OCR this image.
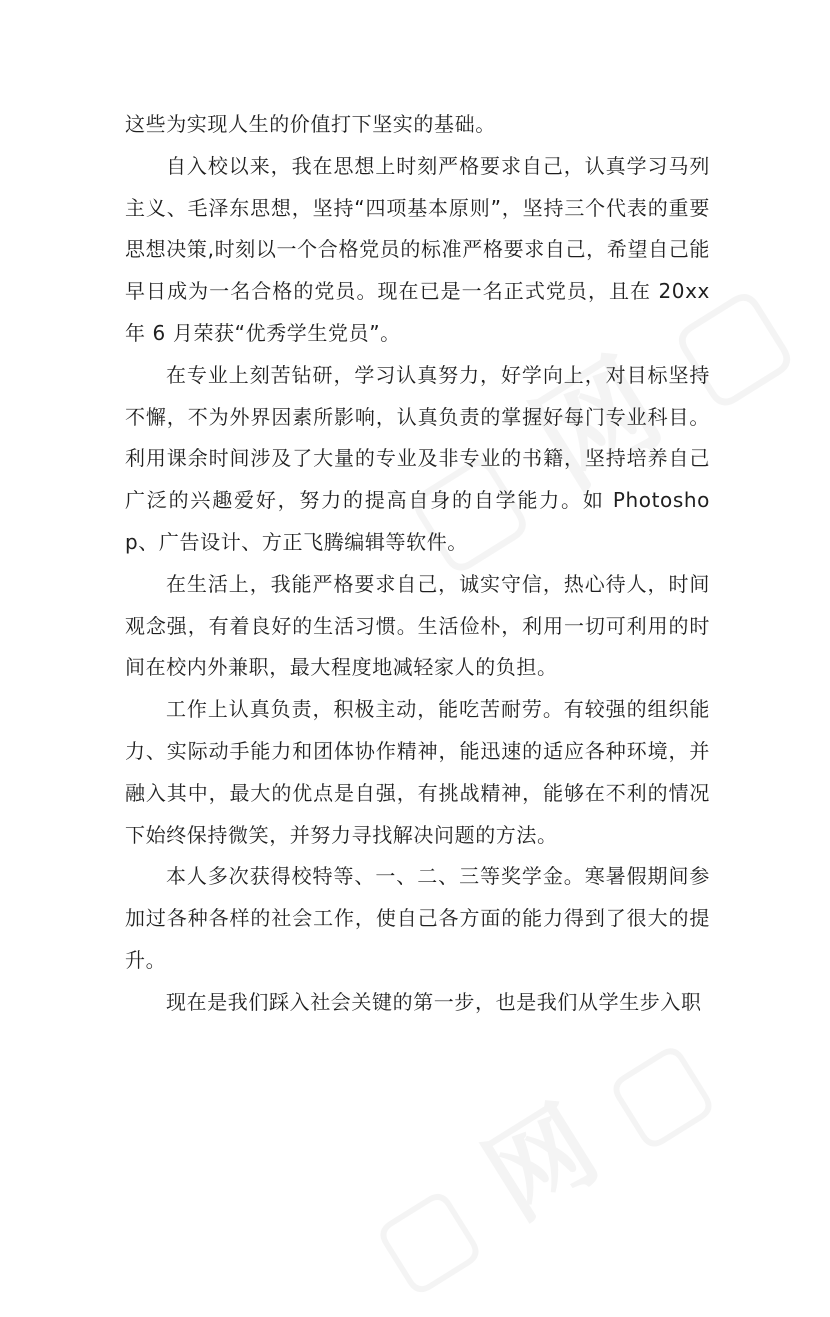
这些为实现人生的价值打下坚实的基础。

自入校以来，我在思想上时刻严格要求自己，认真学习马列主义、毛泽东思想，坚持“四项基本原则”，坚持三个代表的重要思想决策,时刻以一个合格党员的标准严格要求自己，希望自己能早日成为一名合格的党员。现在已是一名正式党员，且在 20xx 年 6 月荣获“优秀学生党员”。

在专业上刻苦钻研，学习认真努力，好学向上，对目标坚持不懈，不为外界因素所影响，认真负责的掌握好每门专业科目。利用课余时间涉及了大量的专业及非专业的书籍，坚持培养自己广泛的兴趣爱好，努力的提高自身的自学能力。如 Photoshop、广告设计、方正飞腾编辑等软件。

在生活上，我能严格要求自己，诚实守信，热心待人，时间观念强，有着良好的生活习惯。生活俭朴，利用一切可利用的时间在校内外兼职，最大程度地减轻家人的负担。

工作上认真负责，积极主动，能吃苦耐劳。有较强的组织能力、实际动手能力和团体协作精神，能迅速的适应各种环境，并融入其中，最大的优点是自强，有挑战精神，能够在不利的情况下始终保持微笑，并努力寻找解决问题的方法。

本人多次获得校特等、一、二、三等奖学金。寒暑假期间参加过各种各样的社会工作，使自己各方面的能力得到了很大的提升。

现在是我们踩入社会关键的第一步，也是我们从学生步入职
